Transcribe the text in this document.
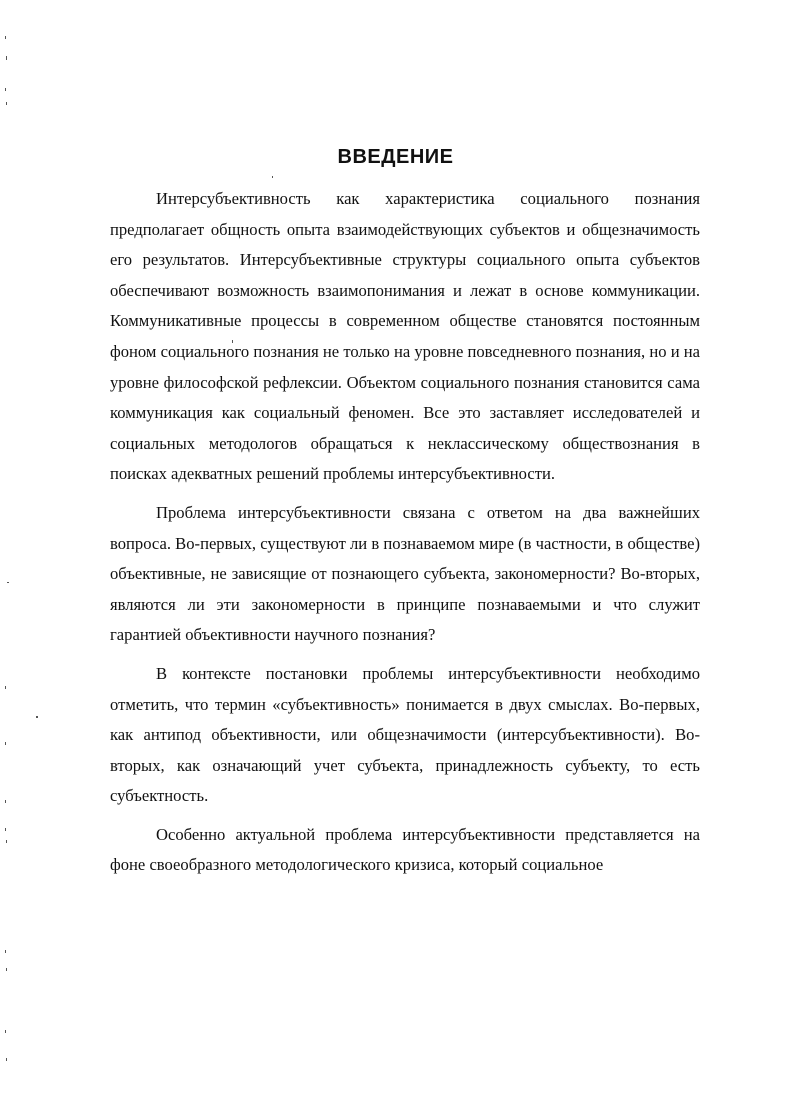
ВВЕДЕНИЕ

Интерсубъективность как характеристика социального познания предполагает общность опыта взаимодействующих субъектов и общезначимость его результатов. Интерсубъективные структуры социального опыта субъектов обеспечивают возможность взаимопонимания и лежат в основе коммуникации. Коммуникативные процессы в современном обществе становятся постоянным фоном социального познания не только на уровне повседневного познания, но и на уровне философской рефлексии. Объектом социального познания становится сама коммуникация как социальный феномен. Все это заставляет исследователей и социальных методологов обращаться к неклассическому обществознания в поисках адекватных решений проблемы интерсубъективности.

Проблема интерсубъективности связана с ответом на два важнейших вопроса. Во-первых, существуют ли в познаваемом мире (в частности, в обществе) объективные, не зависящие от познающего субъекта, закономерности? Во-вторых, являются ли эти закономерности в принципе познаваемыми и что служит гарантией объективности научного познания?

В контексте постановки проблемы интерсубъективности необходимо отметить, что термин «субъективность» понимается в двух смыслах. Во-первых, как антипод объективности, или общезначимости (интерсубъективности). Во-вторых, как означающий учет субъекта, принадлежность субъекту, то есть субъектность.

Особенно актуальной проблема интерсубъективности представляется на фоне своеобразного методологического кризиса, который социальное
